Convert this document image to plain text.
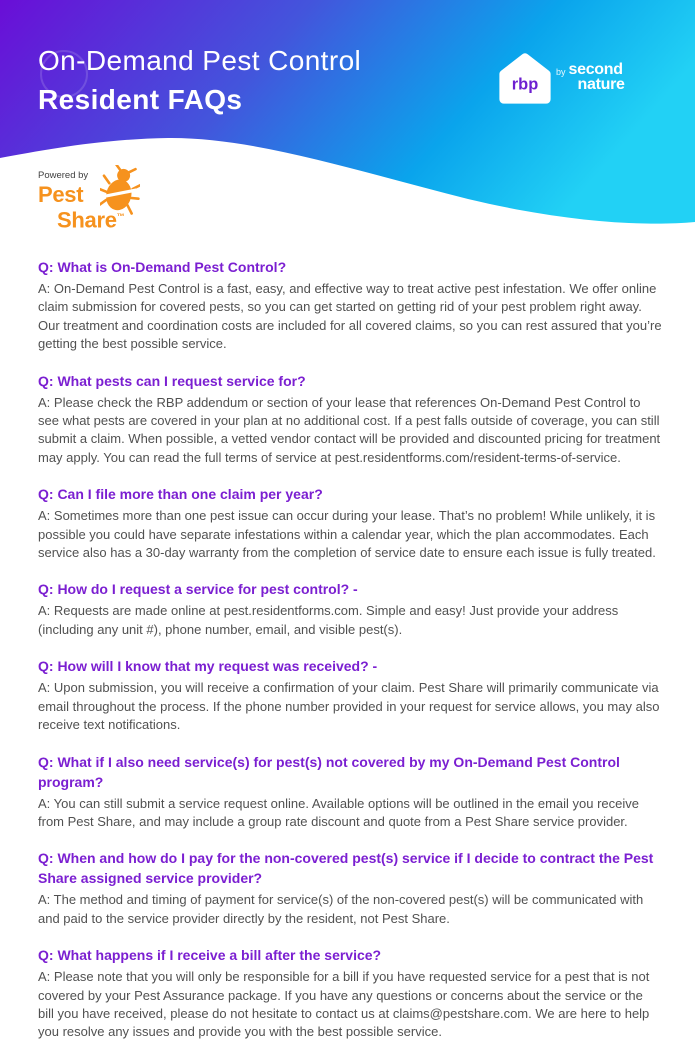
On-Demand Pest Control
Resident FAQs	rbp
by second
nature
Powered by
Pest
Share™
Q: What is On-Demand Pest Control?

A: On-Demand Pest Control is a fast, easy, and effective way to treat active pest infestation. We offer online claim submission for covered pests, so you can get started on getting rid of your pest problem right away. Our treatment and coordination costs are included for all covered claims, so you can rest assured that you’re getting the best possible service.

Q: What pests can I request service for?

A: Please check the RBP addendum or section of your lease that references On-Demand Pest Control to see what pests are covered in your plan at no additional cost. If a pest falls outside of coverage, you can still submit a claim. When possible, a vetted vendor contact will be provided and discounted pricing for treatment may apply. You can read the full terms of service at pest.residentforms.com/resident-terms-of-service.

Q: Can I file more than one claim per year?

A: Sometimes more than one pest issue can occur during your lease. That’s no problem! While unlikely, it is possible you could have separate infestations within a calendar year, which the plan accommodates. Each service also has a 30-day warranty from the completion of service date to ensure each issue is fully treated.

Q: How do I request a service for pest control? -

A: Requests are made online at pest.residentforms.com. Simple and easy! Just provide your address (including any unit #), phone number, email, and visible pest(s).

Q: How will I know that my request was received? -

A: Upon submission, you will receive a confirmation of your claim. Pest Share will primarily communicate via email throughout the process. If the phone number provided in your request for service allows, you may also receive text notifications.

Q: What if I also need service(s) for pest(s) not covered by my On-Demand Pest Control program?

A: You can still submit a service request online. Available options will be outlined in the email you receive from Pest Share, and may include a group rate discount and quote from a Pest Share service provider.

Q: When and how do I pay for the non-covered pest(s) service if I decide to contract the Pest Share assigned service provider?

A: The method and timing of payment for service(s) of the non-covered pest(s) will be communicated with and paid to the service provider directly by the resident, not Pest Share.

Q: What happens if I receive a bill after the service?

A: Please note that you will only be responsible for a bill if you have requested service for a pest that is not covered by your Pest Assurance package. If you have any questions or concerns about the service or the bill you have received, please do not hesitate to contact us at claims@pestshare.com. We are here to help you resolve any issues and provide you with the best possible service.
